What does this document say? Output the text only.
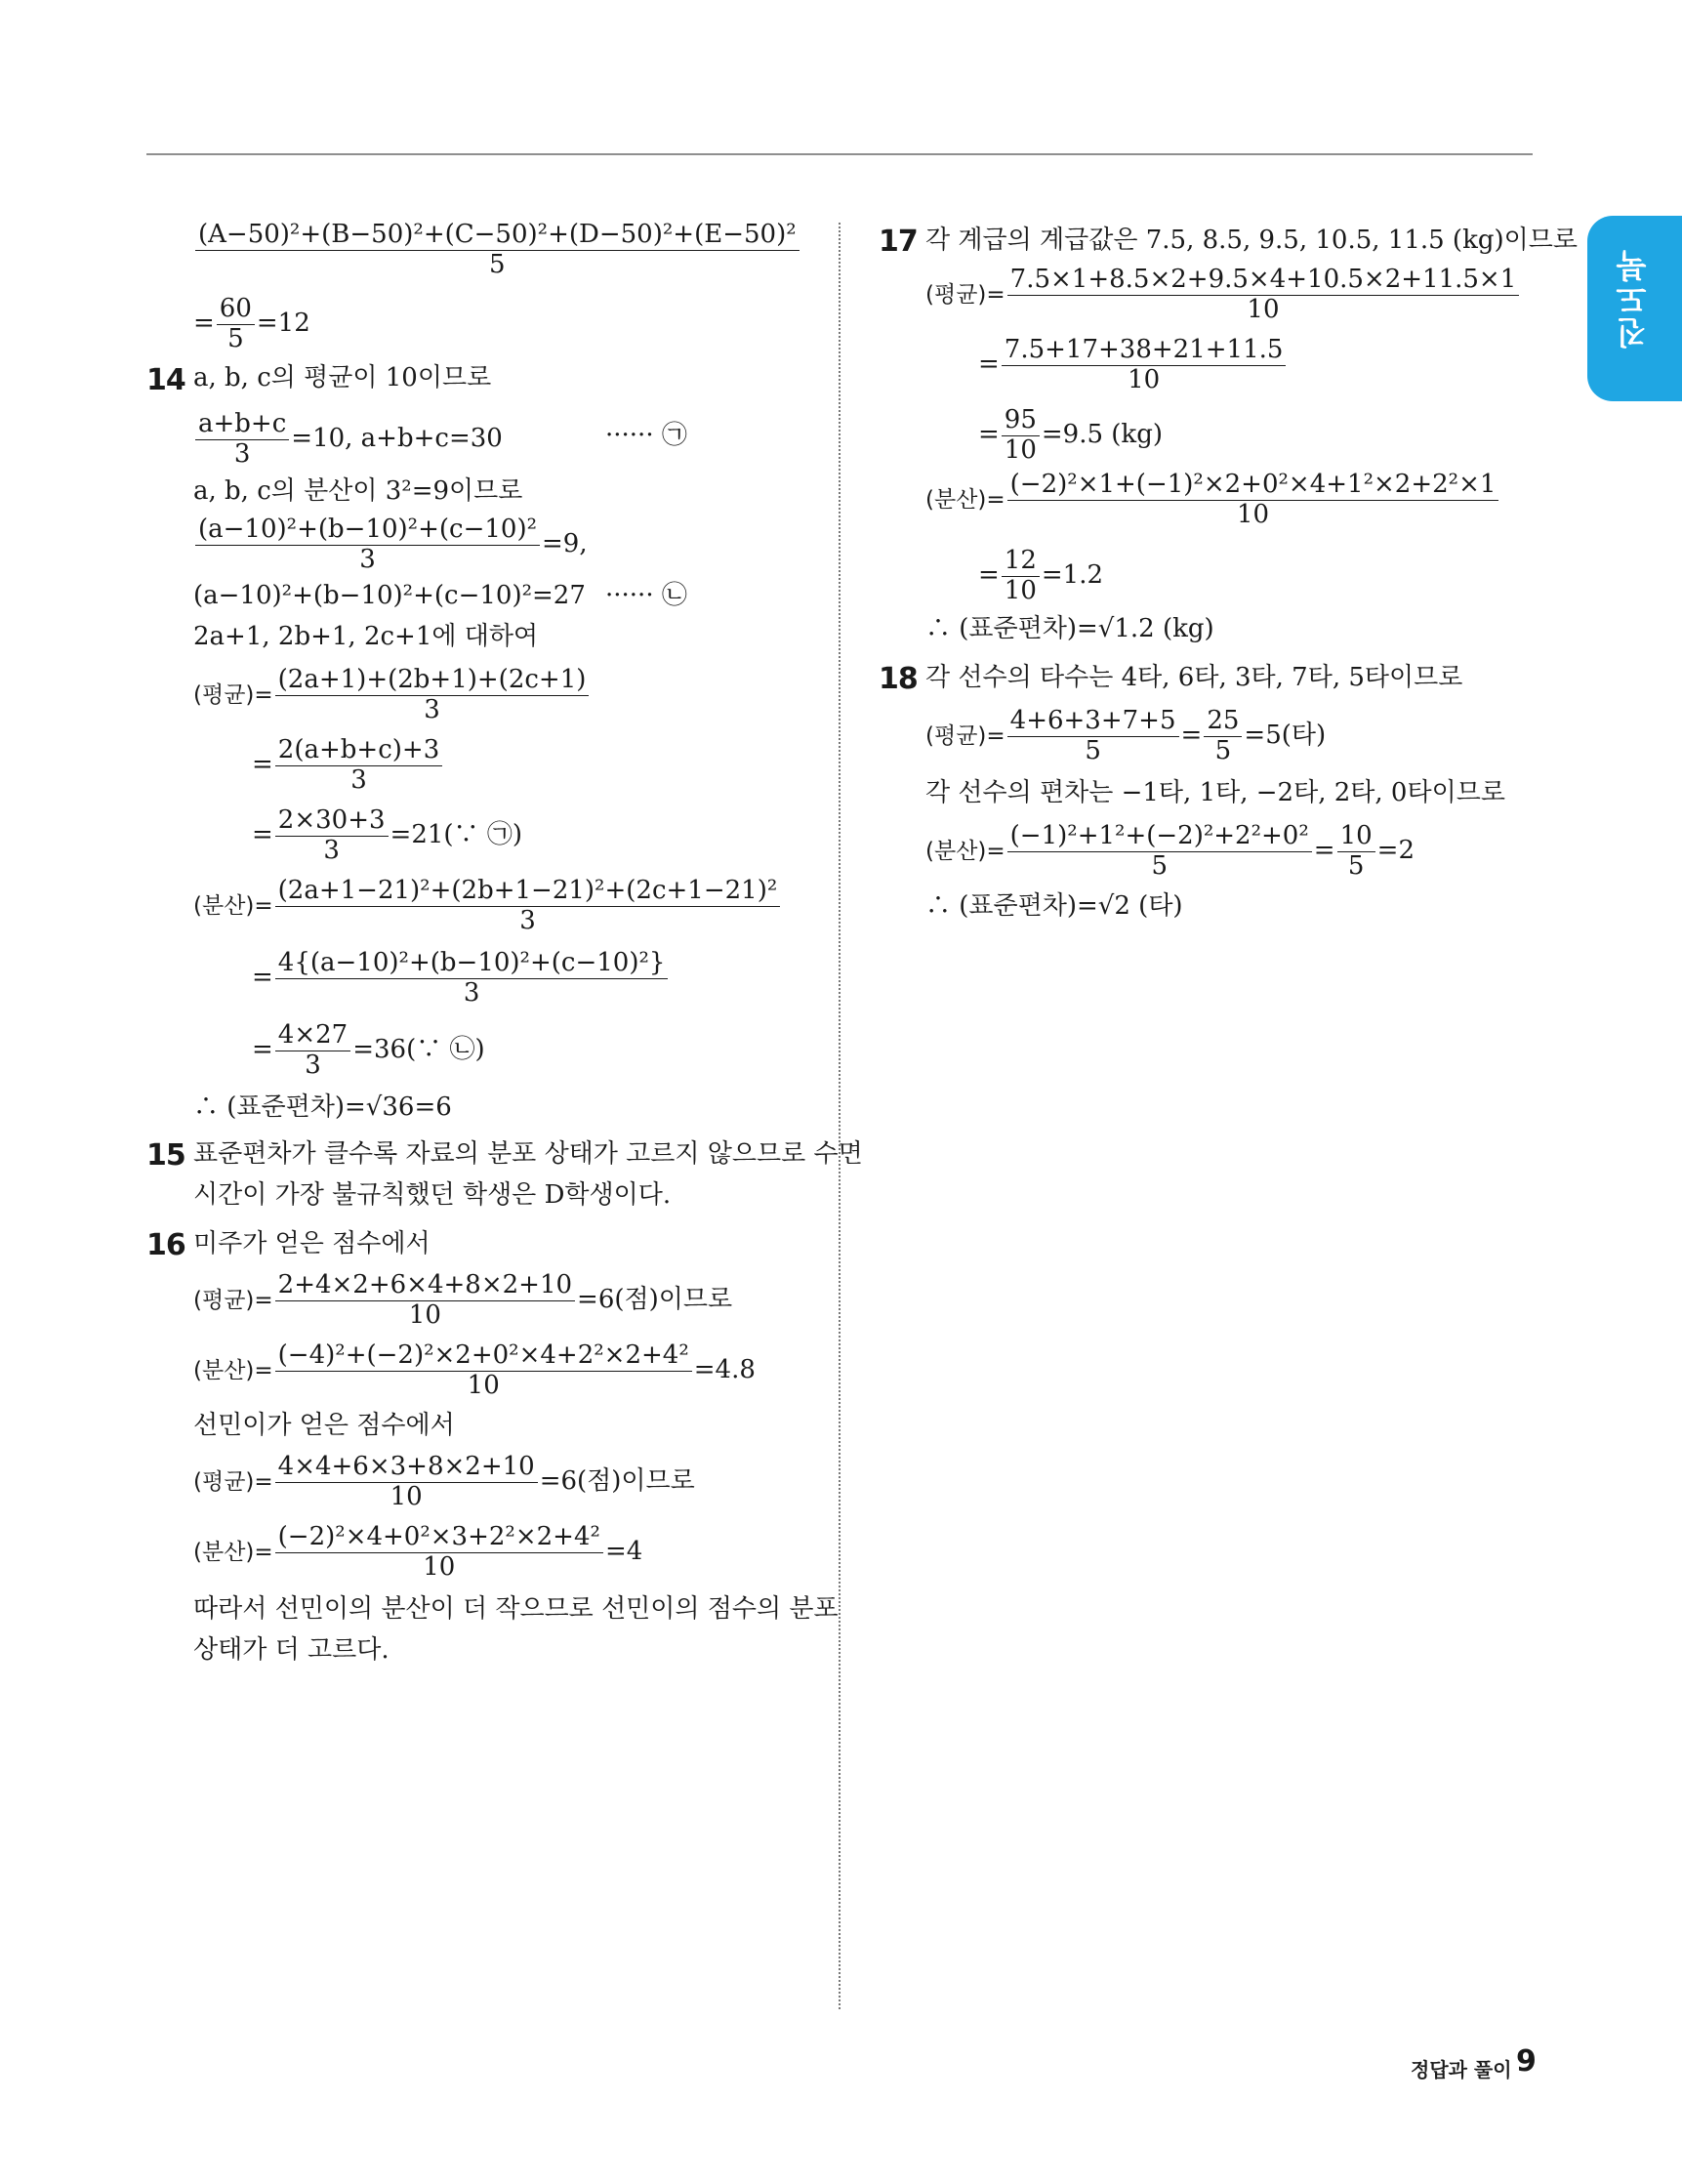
진도북
$\frac{\text{(A−50)²+(B−50)²+(C−50)²+(D−50)²+(E−50)²}}{5}$
= $\frac{60}{5} =12$
14 a, b, c의 평균이 10이므로
$\frac{a+b+c}{3} =10$, a+b+c=30	······ ㉠
a, b, c의 분산이 3²=9이므로
$\frac{\text{(a−10)²+(b−10)²+(c−10)²}}{3} =9$,
(a−10)²+(b−10)²+(c−10)²=27 ······ ㉡
2a+1, 2b+1, 2c+1에 대하여
(평균)= $\frac{(2a+1)+(2b+1)+(2c+1)}{3}$
= $\frac{2(a+b+c)+3}{3}$
= $\frac{2\times 30+3}{3}$ =21(∵ ㉠)
(분산)= $\frac{\text{(2a+1−21)²+(2b+1−21)²+(2c+1−21)²}}{3}$
= $\frac{\text{4\{(a−10)²+(b−10)²+(c−10)²\}}}{3}$
= $\frac{4\times 27}{3}$ =36(∵ ㉡)
∴ (표준편차)=√36=6
15 표준편차가 클수록 자료의 분포 상태가 고르지 않으므로 수면
시간이 가장 불규칙했던 학생은 D학생이다.
16 미주가 얻은 점수에서
(평균)= $\frac{2+4\times 2+6\times 4+8\times 2+10}{10} =6$(점)이므로
(분산)= $\frac{\text{(−4)²+(−2)²×2+0²×4+2²×2+4²}}{10} =4.8$
선민이가 얻은 점수에서
(평균)= $\frac{4\times 4+6\times 3+8\times 2+10}{10} =6$(점)이므로
(분산)= $\frac{\text{(−2)²×4+0²×3+2²×2+4²}}{10} =4$
따라서 선민이의 분산이 더 작으므로 선민이의 점수의 분포
상태가 더 고르다.
17 각 계급의 계급값은 7.5, 8.5, 9.5, 10.5, 11.5 (kg)이므로
(평균)= $\frac{7.5\times 1+8.5\times 2+9.5\times 4+10.5\times 2+11.5\times 1}{10}$
= $\frac{7.5+17+38+21+11.5}{10}$
= $\frac{95}{10} =9.5$ (kg)
(분산)= $\frac{\text{(−2)²×1+(−1)²×2+0²×4+1²×2+2²×1}}{10}$
= $\frac{12}{10} =1.2$
∴ (표준편차)=√1.2 (kg)
18 각 선수의 타수는 4타, 6타, 3타, 7타, 5타이므로
(평균)= $\frac{4+6+3+7+5}{5} = \frac{25}{5} =5$(타)
각 선수의 편차는 −1타, 1타, −2타, 2타, 0타이므로
(분산)= $\frac{\text{(−1)²+1²+(−2)²+2²+0²}}{5} = \frac{10}{5} =2$
∴ (표준편차)=√2 (타)
정답과 풀이 9
